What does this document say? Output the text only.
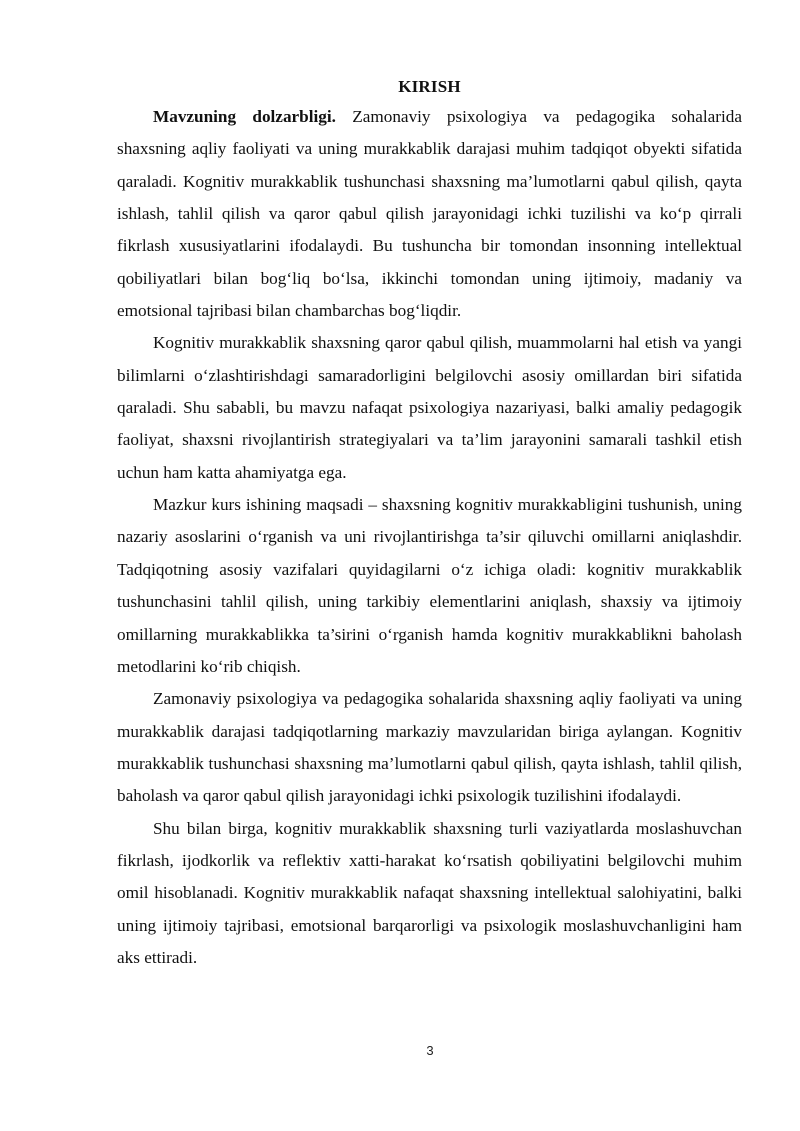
KIRISH

Mavzuning dolzarbligi. Zamonaviy psixologiya va pedagogika sohalarida shaxsning aqliy faoliyati va uning murakkablik darajasi muhim tadqiqot obyekti sifatida qaraladi. Kognitiv murakkablik tushunchasi shaxsning ma’lumotlarni qabul qilish, qayta ishlash, tahlil qilish va qaror qabul qilish jarayonidagi ichki tuzilishi va ko‘p qirrali fikrlash xususiyatlarini ifodalaydi. Bu tushuncha bir tomondan insonning intellektual qobiliyatlari bilan bog‘liq bo‘lsa, ikkinchi tomondan uning ijtimoiy, madaniy va emotsional tajribasi bilan chambarchas bog‘liqdir.

Kognitiv murakkablik shaxsning qaror qabul qilish, muammolarni hal etish va yangi bilimlarni o‘zlashtirishdagi samaradorligini belgilovchi asosiy omillardan biri sifatida qaraladi. Shu sababli, bu mavzu nafaqat psixologiya nazariyasi, balki amaliy pedagogik faoliyat, shaxsni rivojlantirish strategiyalari va ta’lim jarayonini samarali tashkil etish uchun ham katta ahamiyatga ega.

Mazkur kurs ishining maqsadi – shaxsning kognitiv murakkabligini tushunish, uning nazariy asoslarini o‘rganish va uni rivojlantirishga ta’sir qiluvchi omillarni aniqlashdir. Tadqiqotning asosiy vazifalari quyidagilarni o‘z ichiga oladi: kognitiv murakkablik tushunchasini tahlil qilish, uning tarkibiy elementlarini aniqlash, shaxsiy va ijtimoiy omillarning murakkablikka ta’sirini o‘rganish hamda kognitiv murakkablikni baholash metodlarini ko‘rib chiqish.

Zamonaviy psixologiya va pedagogika sohalarida shaxsning aqliy faoliyati va uning murakkablik darajasi tadqiqotlarning markaziy mavzularidan biriga aylangan. Kognitiv murakkablik tushunchasi shaxsning ma’lumotlarni qabul qilish, qayta ishlash, tahlil qilish, baholash va qaror qabul qilish jarayonidagi ichki psixologik tuzilishini ifodalaydi.

Shu bilan birga, kognitiv murakkablik shaxsning turli vaziyatlarda moslashuvchan fikrlash, ijodkorlik va reflektiv xatti-harakat ko‘rsatish qobiliyatini belgilovchi muhim omil hisoblanadi. Kognitiv murakkablik nafaqat shaxsning intellektual salohiyatini, balki uning ijtimoiy tajribasi, emotsional barqarorligi va psixologik moslashuvchanligini ham aks ettiradi.

3
